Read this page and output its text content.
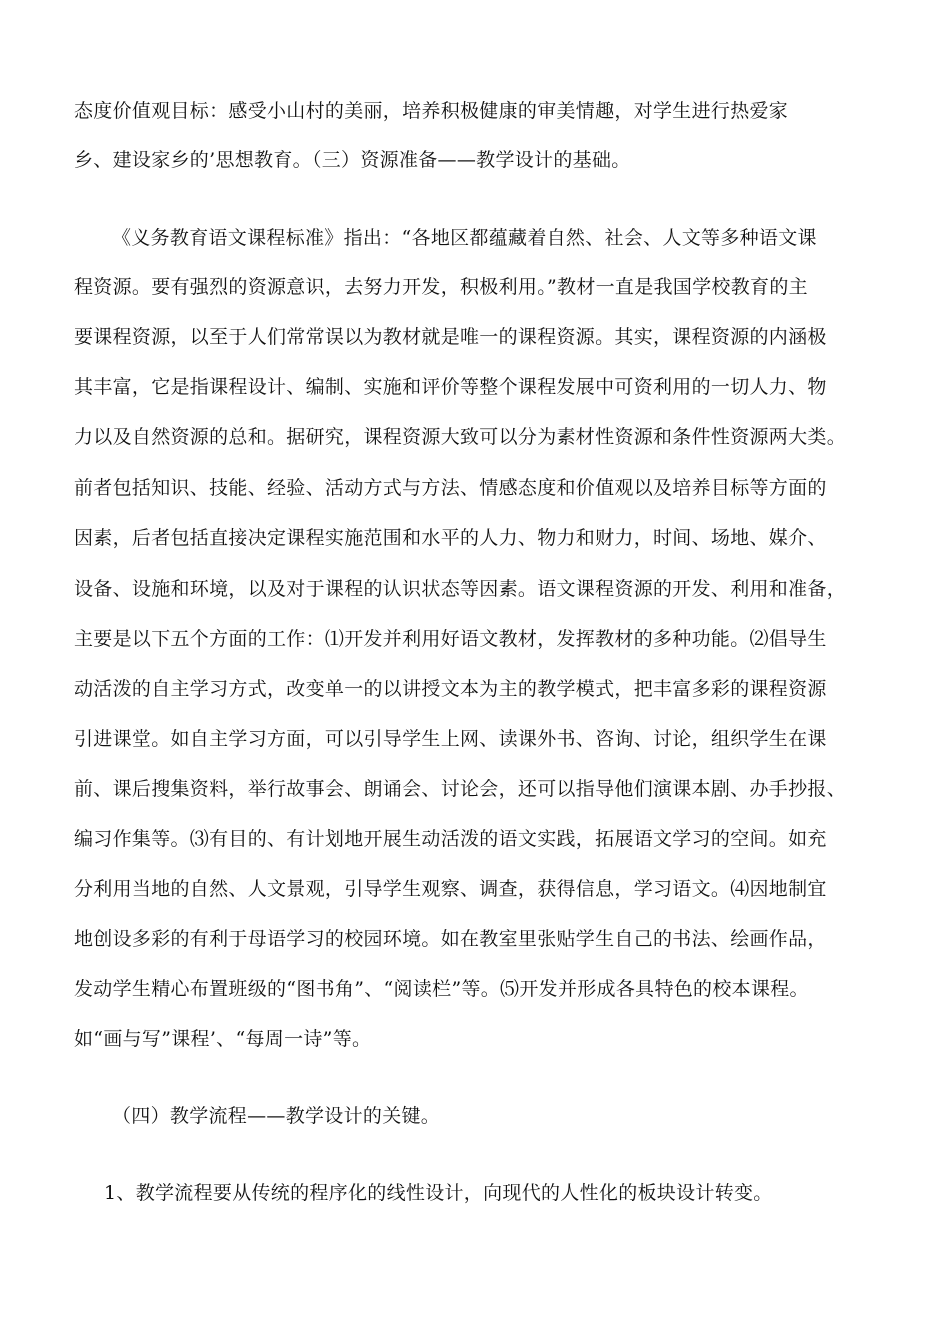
态度价值观目标：感受小山村的美丽，培养积极健康的审美情趣，对学生进行热爱家
乡、建设家乡的’思想教育。（三）资源准备——教学设计的基础。
《义务教育语文课程标准》指出：“各地区都蕴藏着自然、社会、人文等多种语文课
程资源。要有强烈的资源意识，去努力开发，积极利用。”教材一直是我国学校教育的主
要课程资源，以至于人们常常误以为教材就是唯一的课程资源。其实，课程资源的内涵极
其丰富，它是指课程设计、编制、实施和评价等整个课程发展中可资利用的一切人力、物
力以及自然资源的总和。据研究，课程资源大致可以分为素材性资源和条件性资源两大类。
前者包括知识、技能、经验、活动方式与方法、情感态度和价值观以及培养目标等方面的
因素，后者包括直接决定课程实施范围和水平的人力、物力和财力，时间、场地、媒介、
设备、设施和环境，以及对于课程的认识状态等因素。语文课程资源的开发、利用和准备，
主要是以下五个方面的工作：⑴开发并利用好语文教材，发挥教材的多种功能。⑵倡导生
动活泼的自主学习方式，改变单一的以讲授文本为主的教学模式，把丰富多彩的课程资源
引进课堂。如自主学习方面，可以引导学生上网、读课外书、咨询、讨论，组织学生在课
前、课后搜集资料，举行故事会、朗诵会、讨论会，还可以指导他们演课本剧、办手抄报、
编习作集等。⑶有目的、有计划地开展生动活泼的语文实践，拓展语文学习的空间。如充
分利用当地的自然、人文景观，引导学生观察、调查，获得信息，学习语文。⑷因地制宜
地创设多彩的有利于母语学习的校园环境。如在教室里张贴学生自己的书法、绘画作品，
发动学生精心布置班级的“图书角”、“阅读栏”等。⑸开发并形成各具特色的校本课程。
如“画与写”课程’、“每周一诗”等。
（四）教学流程——教学设计的关键。
1、教学流程要从传统的程序化的线性设计，向现代的人性化的板块设计转变。
